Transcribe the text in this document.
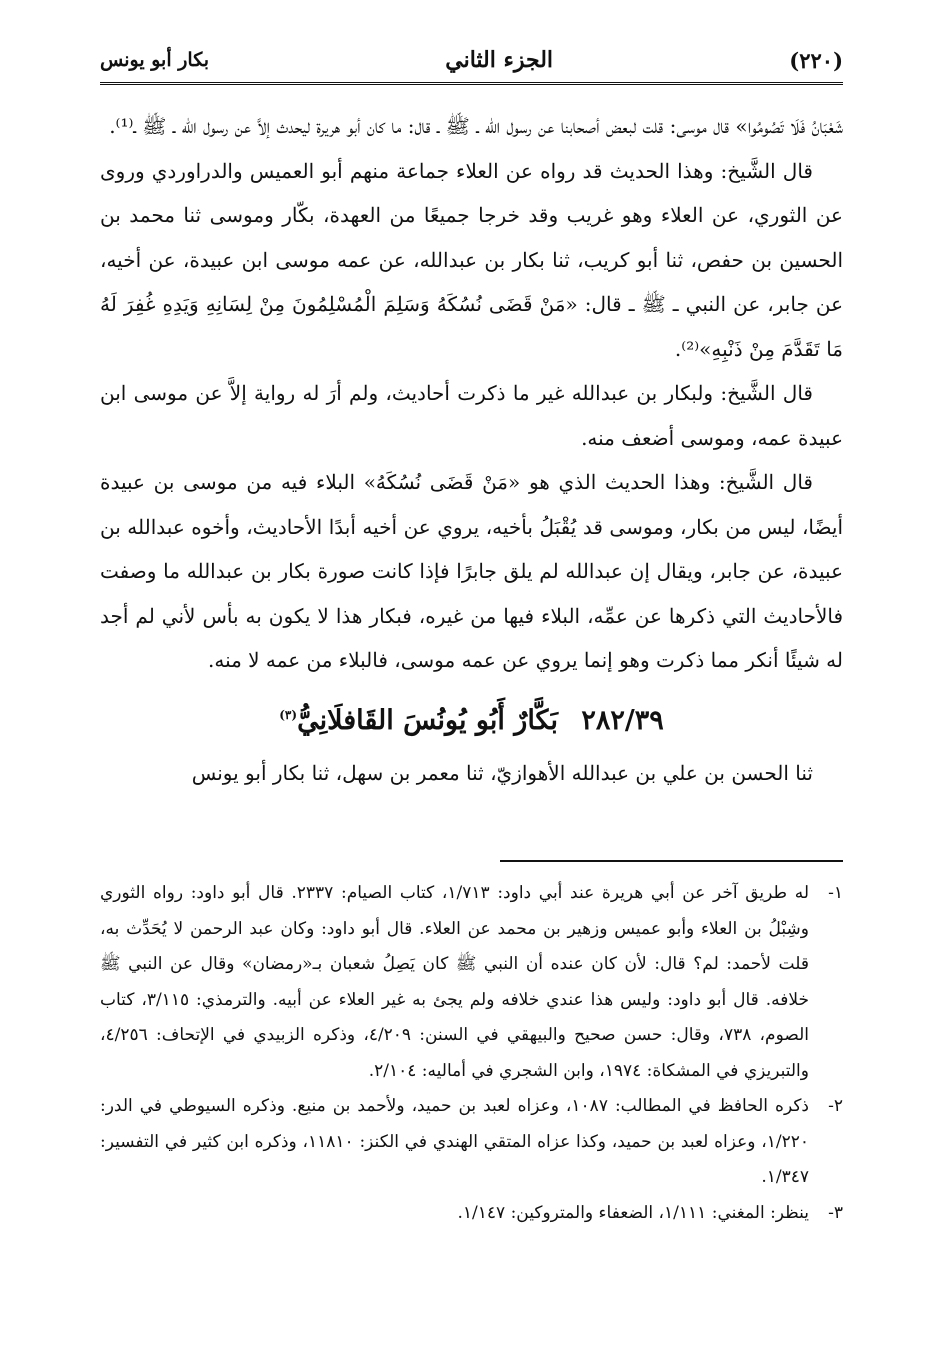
(٢٢٠)
الجزء الثاني
بكار أبو يونس

شَعْبَانُ فَلَا تَصُومُوا» قال موسى: قلت لبعض أصحابنا عن رسول الله ـ ﷺ ـ قال: ما كان أبو هريرة ليحدث إلاَّ عن رسول الله ـ ﷺ ـ⁽¹⁾.

قال الشَّيخ: وهذا الحديث قد رواه عن العلاء جماعة منهم أبو العميس والدراوردي وروى عن الثوري، عن العلاء وهو غريب وقد خرجا جميعًا من العهدة، بكّار وموسى ثنا محمد بن الحسين بن حفص، ثنا أبو كريب، ثنا بكار بن عبدالله، عن عمه موسى ابن عبيدة، عن أخيه، عن جابر، عن النبي ـ ﷺ ـ قال: «مَنْ قَضَى نُسُكَهُ وَسَلِمَ الْمُسْلِمُونَ مِنْ لِسَانِهِ وَيَدِهِ غُفِرَ لَهُ مَا تَقَدَّمَ مِنْ ذَنْبِهِ»⁽²⁾.

قال الشَّيخ: ولبكار بن عبدالله غير ما ذكرت أحاديث، ولم أرَ له رواية إلاَّ عن موسى ابن عبيدة عمه، وموسى أضعف منه.

قال الشَّيخ: وهذا الحديث الذي هو «مَنْ قَضَى نُسُكَهُ» البلاء فيه من موسى بن عبيدة أيضًا، ليس من بكار، وموسى قد يُقْبَلُ بأخيه، يروي عن أخيه أبدًا الأحاديث، وأخوه عبدالله بن عبيدة، عن جابر، ويقال إن عبدالله لم يلق جابرًا فإذا كانت صورة بكار بن عبدالله ما وصفت فالأحاديث التي ذكرها عن عمِّه، البلاء فيها من غيره، فبكار هذا لا يكون به بأس لأني لم أجد له شيئًا أنكر مما ذكرت وهو إنما يروي عن عمه موسى، فالبلاء من عمه لا منه.

٢٨٢/٣٩ بَكَّارٌ أَبُو يُونُسَ القَافلَانِيُّ$^{(٣)}$

ثنا الحسن بن علي بن عبدالله الأهوازيّ، ثنا معمر بن سهل، ثنا بكار أبو يونس

١-
له طريق آخر عن أبي هريرة عند أبي داود: ١/٧١٣، كتاب الصيام: ٢٣٣٧. قال أبو داود: رواه الثوري وشِبْلُ بن العلاء وأبو عميس وزهير بن محمد عن العلاء. قال أبو داود: وكان عبد الرحمن لا يُحَدِّث به، قلت لأحمد: لم؟ قال: لأن كان عنده أن النبي ﷺ كان يَصِلُ شعبان بـ«رمضان» وقال عن النبي ﷺ خلافه. قال أبو داود: وليس هذا عندي خلافه ولم يجئ به غير العلاء عن أبيه. والترمذي: ٣/١١٥، كتاب الصوم، ٧٣٨، وقال: حسن صحيح والبيهقي في السنن: ٤/٢٠٩، وذكره الزبيدي في الإتحاف: ٤/٢٥٦، والتبريزي في المشكاة: ١٩٧٤، وابن الشجري في أماليه: ٢/١٠٤.
٢-
ذكره الحافظ في المطالب: ١٠٨٧، وعزاه لعبد بن حميد، ولأحمد بن منيع. وذكره السيوطي في الدر: ١/٢٢٠، وعزاه لعبد بن حميد، وكذا عزاه المتقي الهندي في الكنز: ١١٨١٠، وذكره ابن كثير في التفسير: ١/٣٤٧.
٣-
ينظر: المغني: ١/١١١، الضعفاء والمتروكين: ١/١٤٧.
